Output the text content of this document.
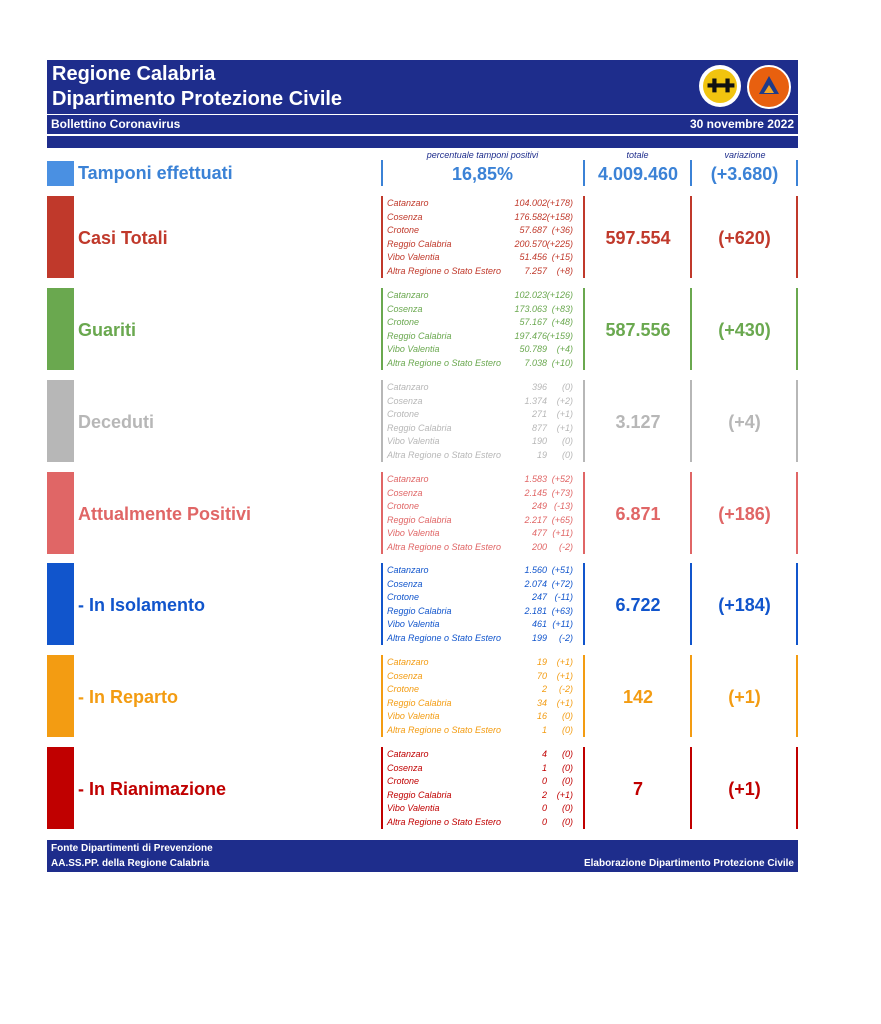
Regione Calabria
Dipartimento Protezione Civile
✚✚
Bollettino Coronavirus	30 novembre 2022
percentuale tamponi positivi	totale	variazione
Tamponi effettuati	16,85%	4.009.460	(+3.680)
Casi Totali
Catanzaro	104.002 (+178)
Cosenza	176.582 (+158)
Crotone	57.687 (+36)
Reggio Calabria	200.570 (+225)
Vibo Valentia	51.456 (+15)
Altra Regione o Stato Estero	7.257 (+8)
597.554	(+620)
Guariti
Catanzaro	102.023 (+126)
Cosenza	173.063 (+83)
Crotone	57.167 (+48)
Reggio Calabria	197.476 (+159)
Vibo Valentia	50.789 (+4)
Altra Regione o Stato Estero	7.038 (+10)
587.556	(+430)
Deceduti
Catanzaro	396 (0)
Cosenza	1.374 (+2)
Crotone	271 (+1)
Reggio Calabria	877 (+1)
Vibo Valentia	190 (0)
Altra Regione o Stato Estero	19 (0)
3.127	(+4)
Attualmente Positivi
Catanzaro	1.583 (+52)
Cosenza	2.145 (+73)
Crotone	249 (-13)
Reggio Calabria	2.217 (+65)
Vibo Valentia	477 (+11)
Altra Regione o Stato Estero	200 (-2)
6.871	(+186)
- In Isolamento
Catanzaro	1.560 (+51)
Cosenza	2.074 (+72)
Crotone	247 (-11)
Reggio Calabria	2.181 (+63)
Vibo Valentia	461 (+11)
Altra Regione o Stato Estero	199 (-2)
6.722	(+184)
- In Reparto
Catanzaro	19 (+1)
Cosenza	70 (+1)
Crotone	2 (-2)
Reggio Calabria	34 (+1)
Vibo Valentia	16 (0)
Altra Regione o Stato Estero	1 (0)
142	(+1)
- In Rianimazione
Catanzaro	4 (0)
Cosenza	1 (0)
Crotone	0 (0)
Reggio Calabria	2 (+1)
Vibo Valentia	0 (0)
Altra Regione o Stato Estero	0 (0)
7	(+1)
Fonte Dipartimenti di Prevenzione
AA.SS.PP. della Regione Calabria	Elaborazione Dipartimento Protezione Civile
